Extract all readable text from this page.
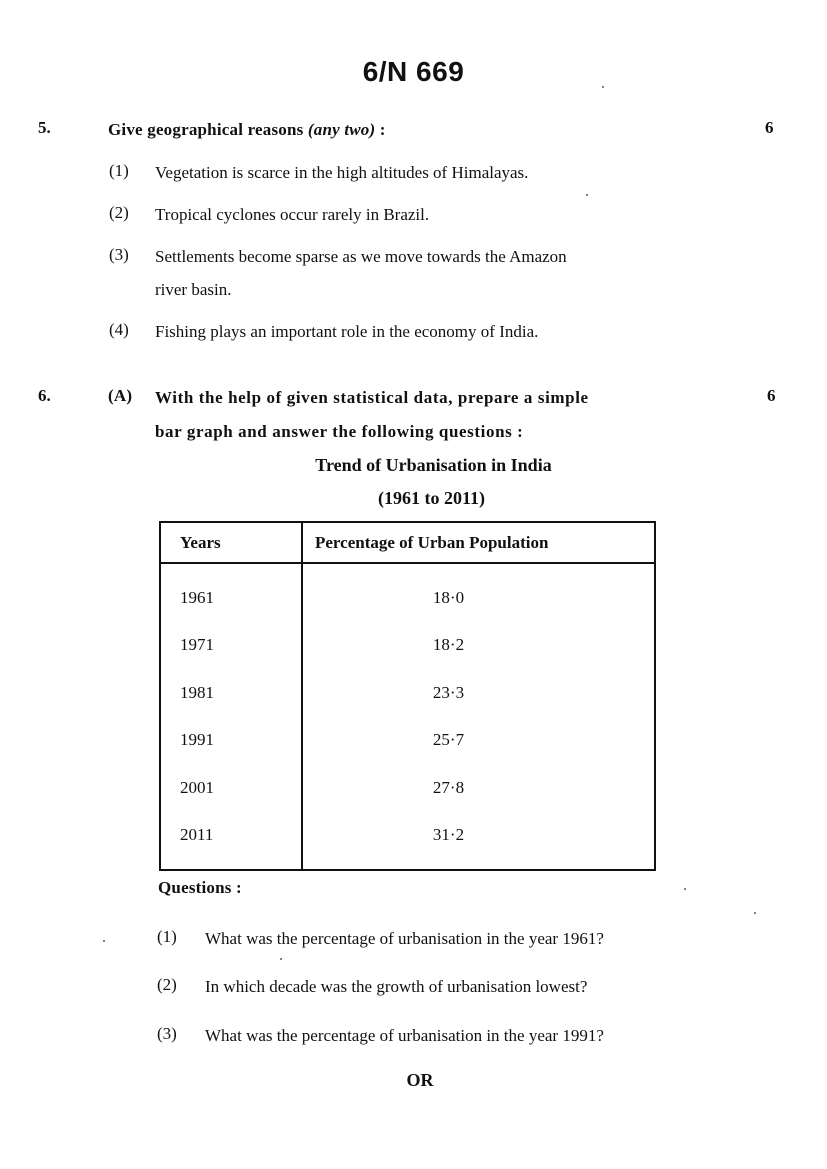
6/N 669
5.	Give geographical reasons (any two) :	6
(1) Vegetation is scarce in the high altitudes of Himalayas.
(2) Tropical cyclones occur rarely in Brazil.
(3) Settlements become sparse as we move towards the Amazon
river basin.
(4) Fishing plays an important role in the economy of India.
6.	(A) With the help of given statistical data, prepare a simple
bar graph and answer the following questions :
6
Trend of Urbanisation in India
(1961 to 2011)
Years	Percentage of Urban Population
1961	18·0
1971	18·2
1981	23·3
1991	25·7
2001	27·8
2011	31·2
Questions :
(1) What was the percentage of urbanisation in the year 1961?
(2) In which decade was the growth of urbanisation lowest?
(3) What was the percentage of urbanisation in the year 1991?
OR
